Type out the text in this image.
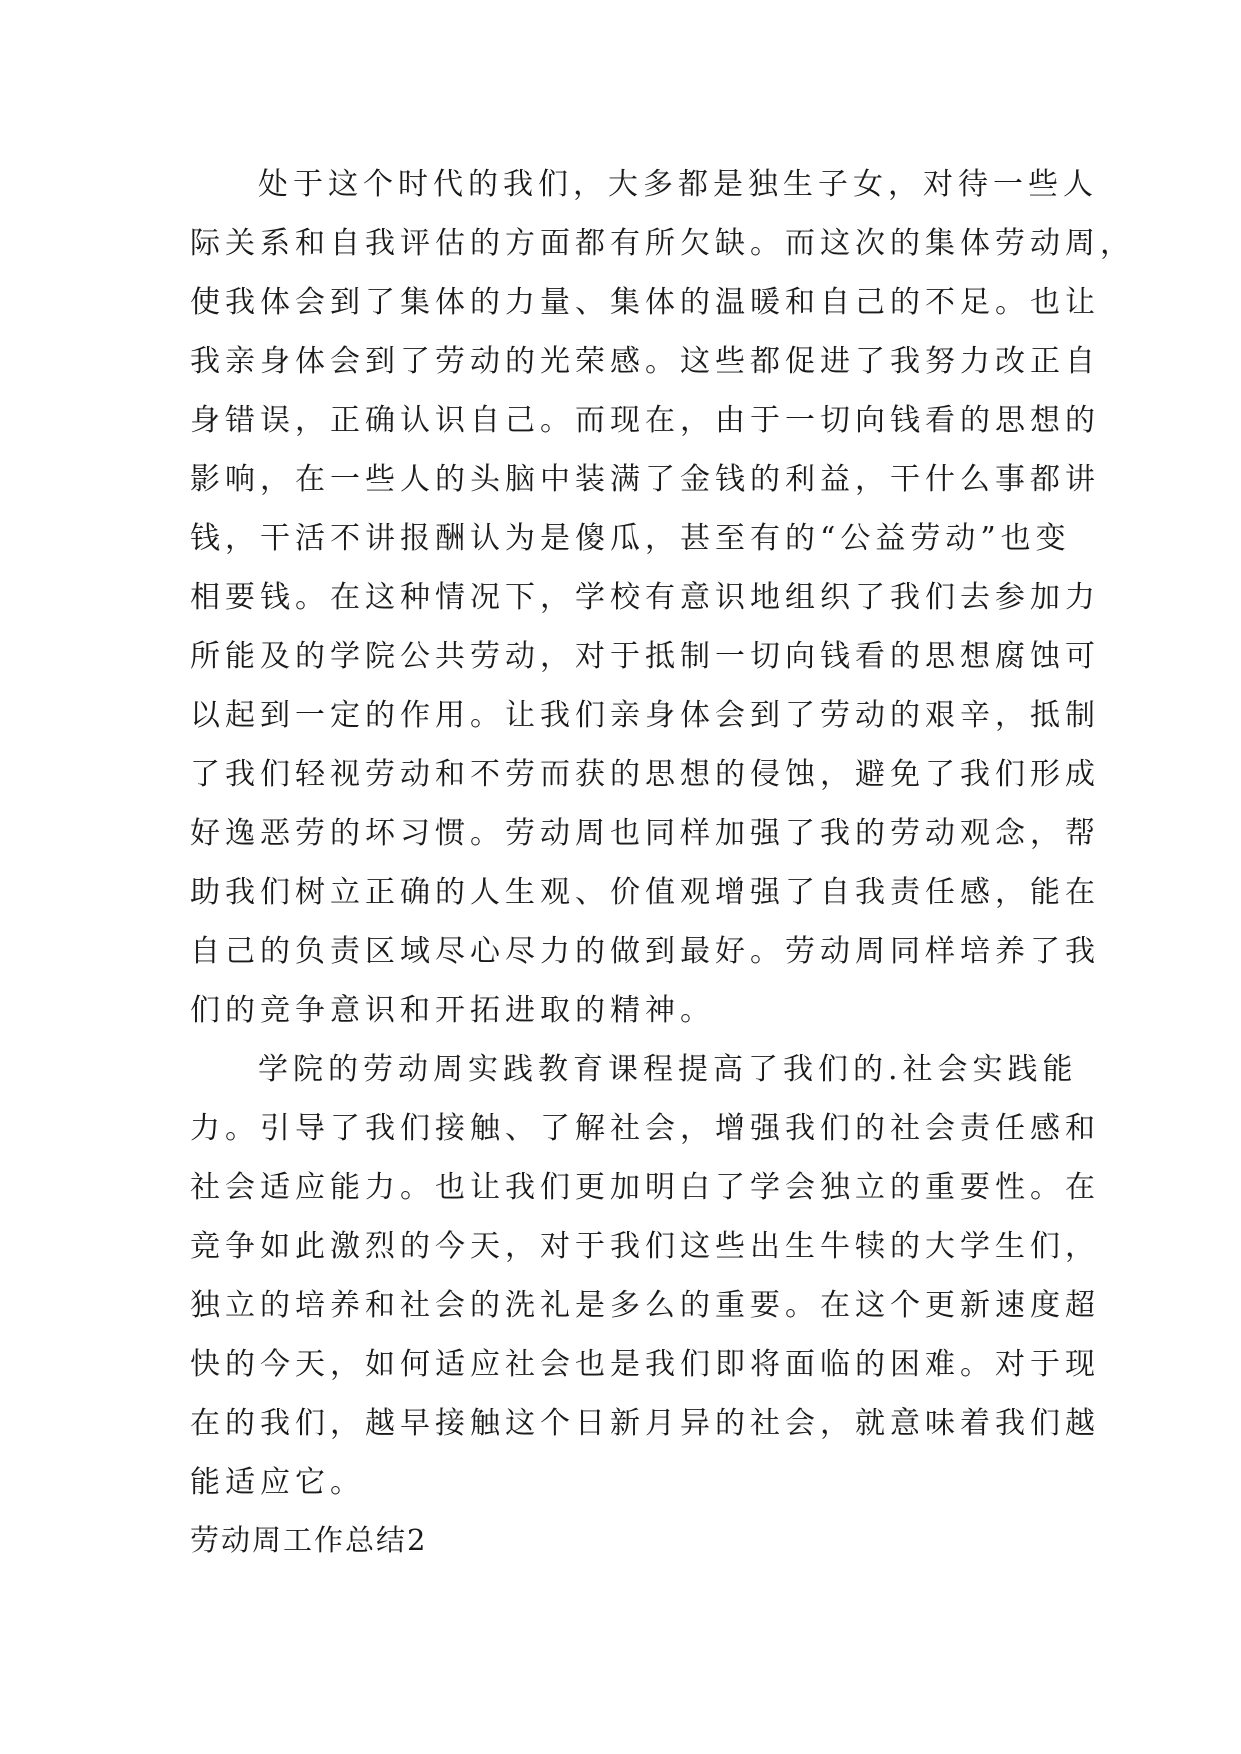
处于这个时代的我们，大多都是独生子女，对待一些人
际关系和自我评估的方面都有所欠缺。而这次的集体劳动周，
使我体会到了集体的力量、集体的温暖和自己的不足。也让
我亲身体会到了劳动的光荣感。这些都促进了我努力改正自
身错误，正确认识自己。而现在，由于一切向钱看的思想的
影响，在一些人的头脑中装满了金钱的利益，干什么事都讲
钱，干活不讲报酬认为是傻瓜，甚至有的“公益劳动”也变
相要钱。在这种情况下，学校有意识地组织了我们去参加力
所能及的学院公共劳动，对于抵制一切向钱看的思想腐蚀可
以起到一定的作用。让我们亲身体会到了劳动的艰辛，抵制
了我们轻视劳动和不劳而获的思想的侵蚀，避免了我们形成
好逸恶劳的坏习惯。劳动周也同样加强了我的劳动观念，帮
助我们树立正确的人生观、价值观增强了自我责任感，能在
自己的负责区域尽心尽力的做到最好。劳动周同样培养了我
们的竞争意识和开拓进取的精神。
学院的劳动周实践教育课程提高了我们的.社会实践能
力。引导了我们接触、了解社会，增强我们的社会责任感和
社会适应能力。也让我们更加明白了学会独立的重要性。在
竞争如此激烈的今天，对于我们这些出生牛犊的大学生们，
独立的培养和社会的洗礼是多么的重要。在这个更新速度超
快的今天，如何适应社会也是我们即将面临的困难。对于现
在的我们，越早接触这个日新月异的社会，就意味着我们越
能适应它。
劳动周工作总结2
